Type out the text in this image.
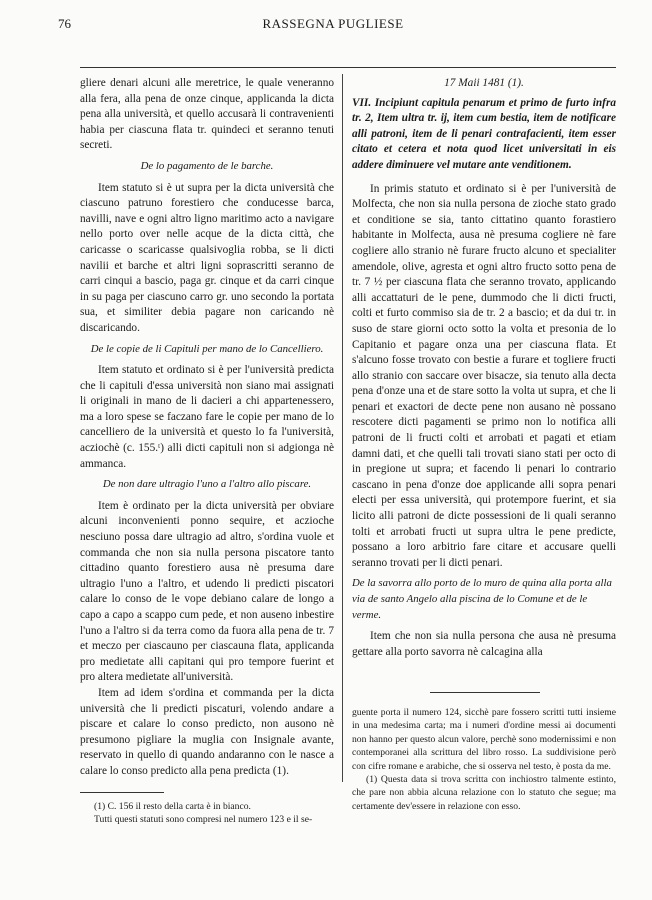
76	RASSEGNA PUGLIESE

gliere denari alcuni alle meretrice, le quale veneranno alla fera, alla pena de onze cinque, applicanda la dicta pena alla università, et quello accusarà li contravenienti habia per ciascuna flata tr. quindeci et seranno tenuti secreti.

De lo pagamento de le barche.

Item statuto si è ut supra per la dicta università che ciascuno patruno forestiero che conducesse barca, navilli, nave e ogni altro ligno maritimo acto a navigare nello porto over nelle acque de la dicta città, che caricasse o scaricasse qualsivoglia robba, se li dicti navilii et barche et altri ligni soprascritti seranno de carri cinqui a bascio, paga gr. cinque et da carri cinque in su paga per ciascuno carro gr. uno secondo la portata sua, et similiter debia pagare non caricando nè discaricando.

De le copie de li Capituli per mano de lo Cancelliero.

Item statuto et ordinato si è per l'università predicta che li capituli d'essa università non siano mai assignati li originali in mano de li dacieri a chi appartenessero, ma a loro spese se faczano fare le copie per mano de lo cancelliero de la università et questo lo fa l'università, acziochè (c. 155.ᵗ) alli dicti capituli non si adgionga nè ammanca.

De non dare ultragio l'uno a l'altro allo piscare.

Item è ordinato per la dicta università per obviare alcuni inconvenienti ponno sequire, et aczioche nesciuno possa dare ultragio ad altro, s'ordina vuole et commanda che non sia nulla persona piscatore tanto cittadino quanto forestiero ausa nè presuma dare ultragio l'uno a l'altro, et udendo li predicti piscatori calare lo conso de le vope debiano calare de longo a capo a capo a scappo cum pede, et non auseno inbestire l'uno a l'altro si da terra como da fuora alla pena de tr. 7 et meczo per ciascauno per ciascauna flata, applicanda pro medietate alli capitani qui pro tempore fuerint et pro altera medietate all'università.

Item ad idem s'ordina et commanda per la dicta università che li predicti piscaturi, volendo andare a piscare et calare lo conso predicto, non ausono nè presumono pigliare la muglia con Insignale avante, reservato in quello di quando andaranno con le nasce a calare lo conso predicto alla pena predicta (1).

17 Maii 1481 (1).

VII. Incipiunt capitula penarum et primo de furto infra tr. 2, Item ultra tr. ij, item cum bestia, item de notificare alli patroni, item de li penari contrafacienti, item esser citato et cetera et nota quod licet universitati in eis addere diminuere vel mutare ante venditionem.

In primis statuto et ordinato si è per l'università de Molfecta, che non sia nulla persona de zioche stato grado et conditione se sia, tanto cittatino quanto forastiero habitante in Molfecta, ausa nè presuma cogliere nè fare cogliere allo stranio nè furare fructo alcuno et specialiter amendole, olive, agresta et ogni altro fructo sotto pena de tr. 7 ½ per ciascuna flata che seranno trovato, applicando alli accattaturi de le pene, dummodo che li dicti fructi, colti et furto commiso sia de tr. 2 a bascio; et da dui tr. in suso de stare giorni octo sotto la volta et presonia de lo Capitanio et pagare onza una per ciascuna flata. Et s'alcuno fosse trovato con bestie a furare et togliere fructi allo stranio con saccare over bisacze, sia tenuto alla decta pena d'onze una et de stare sotto la volta ut supra, et che li penari et exactori de decte pene non ausano nè possano rescotere dicti pagamenti se primo non lo notifica alli patroni de li fructi colti et arrobati et pagati et etiam damni dati, et che quelli tali trovati siano stati per octo di in pregione ut supra; et facendo li penari lo contrario cascano in pena d'onze doe applicande alli sopra penari electi per essa università, qui protempore fuerint, et sia licito alli patroni de dicte possessioni de li quali seranno tolti et arrobati fructi ut supra ultra le pene predicte, possano a loro arbitrio fare citare et accusare quelli seranno trovati per li dicti penari.

De la savorra allo porto de lo muro de quina alla porta alla via de santo Angelo alla piscina de lo Comune et de le verme.

Item che non sia nulla persona che ausa nè presuma gettare alla porto savorra nè calcagina alla

(1) C. 156 il resto della carta è in bianco.

Tutti questi statuti sono compresi nel numero 123 e il se-

guente porta il numero 124, sicchè pare fossero scritti tutti insieme in una medesima carta; ma i numeri d'ordine messi ai documenti non hanno per questo alcun valore, perchè sono modernissimi e non contemporanei alla scrittura del libro rosso. La suddivisione però con cifre romane e arabiche, che si osserva nel testo, è posta da me.

(1) Questa data si trova scritta con inchiostro talmente estinto, che pare non abbia alcuna relazione con lo statuto che segue; ma certamente dev'essere in relazione con esso.
